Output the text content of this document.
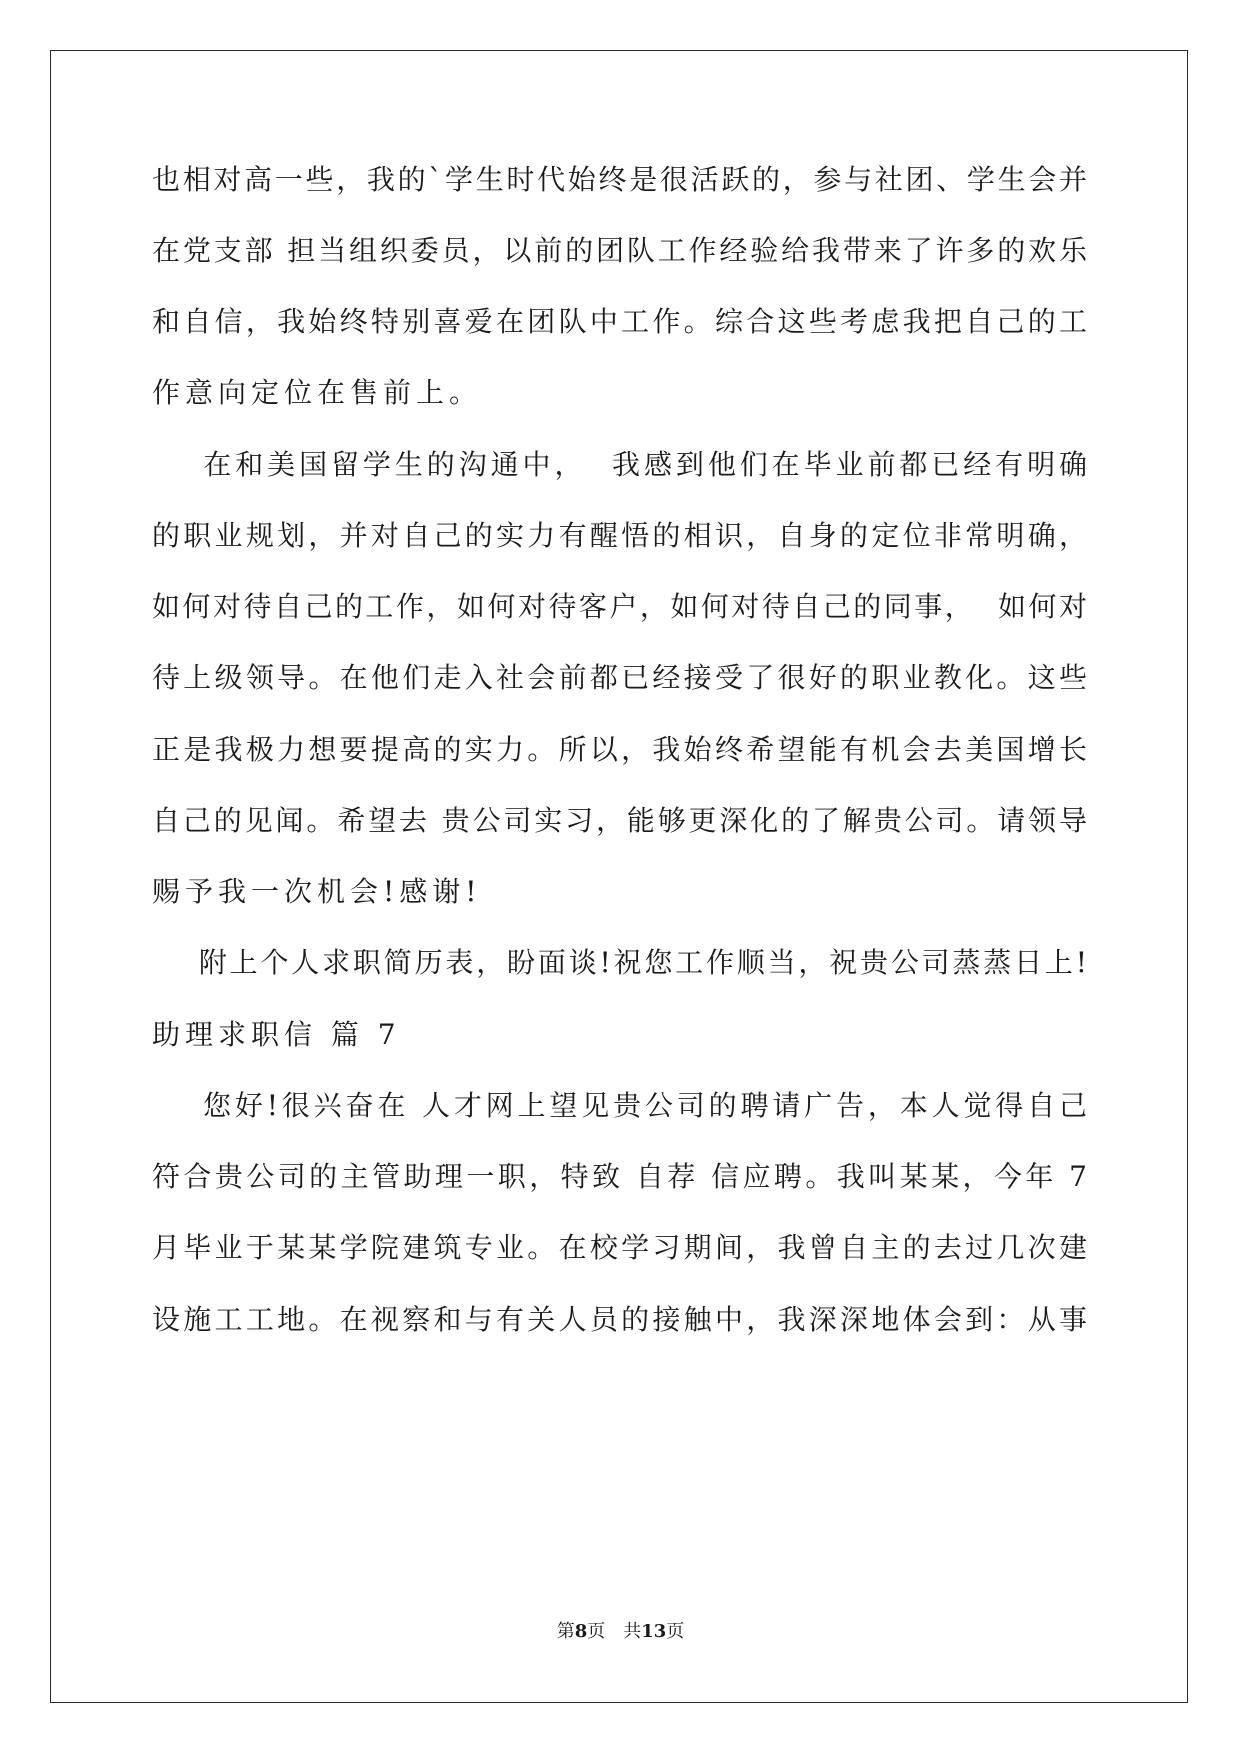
也相对高一些，我的`学生时代始终是很活跃的，参与社团、学生会并
在党支部 担当组织委员，以前的团队工作经验给我带来了许多的欢乐
和自信，我始终特别喜爱在团队中工作。综合这些考虑我把自己的工
作意向定位在售前上。
在和美国留学生的沟通中，  我感到他们在毕业前都已经有明确
的职业规划，并对自己的实力有醒悟的相识，自身的定位非常明确，
如何对待自己的工作，如何对待客户，如何对待自己的同事，  如何对
待上级领导。在他们走入社会前都已经接受了很好的职业教化。这些
正是我极力想要提高的实力。所以，我始终希望能有机会去美国增长
自己的见闻。希望去 贵公司实习，能够更深化的了解贵公司。请领导
赐予我一次机会!感谢!
附上个人求职简历表，盼面谈!祝您工作顺当，祝贵公司蒸蒸日上!
助理求职信 篇 7
您好!很兴奋在 人才网上望见贵公司的聘请广告，本人觉得自己
符合贵公司的主管助理一职，特致 自荐 信应聘。我叫某某，今年 7
月毕业于某某学院建筑专业。在校学习期间，我曾自主的去过几次建
设施工工地。在视察和与有关人员的接触中，我深深地体会到：从事
第8页 共13页
